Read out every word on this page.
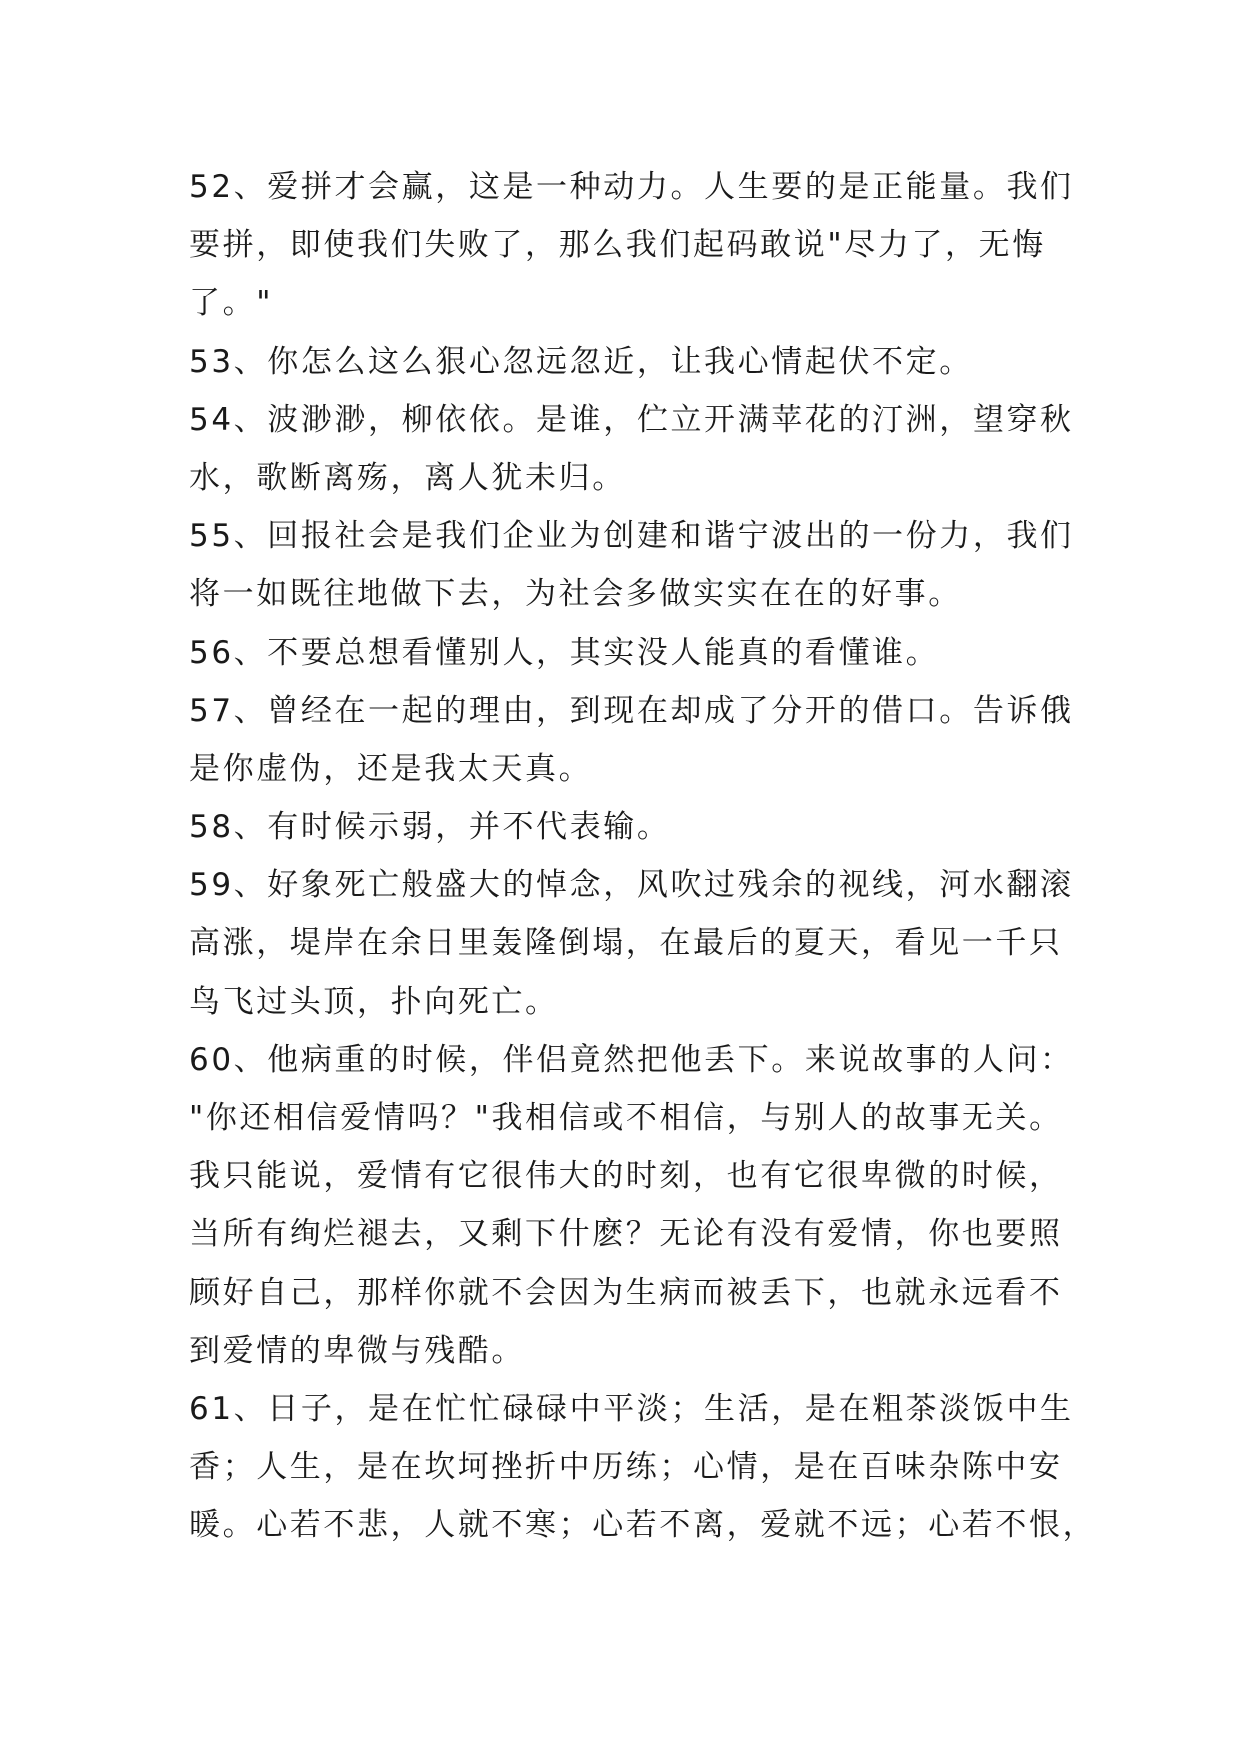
52、爱拼才会赢，这是一种动力。人生要的是正能量。我们
要拼，即使我们失败了，那么我们起码敢说"尽力了，无悔
了。"
53、你怎么这么狠心忽远忽近，让我心情起伏不定。
54、波渺渺，柳依依。是谁，伫立开满苹花的汀洲，望穿秋
水，歌断离殇，离人犹未归。
55、回报社会是我们企业为创建和谐宁波出的一份力，我们
将一如既往地做下去，为社会多做实实在在的好事。
56、不要总想看懂别人，其实没人能真的看懂谁。
57、曾经在一起的理由，到现在却成了分开的借口。告诉俄
是你虚伪，还是我太天真。
58、有时候示弱，并不代表输。
59、好象死亡般盛大的悼念，风吹过残余的视线，河水翻滚
高涨，堤岸在余日里轰隆倒塌，在最后的夏天，看见一千只
鸟飞过头顶，扑向死亡。
60、他病重的时候，伴侣竟然把他丢下。来说故事的人问：
"你还相信爱情吗？"我相信或不相信，与别人的故事无关。
我只能说，爱情有它很伟大的时刻，也有它很卑微的时候，
当所有绚烂褪去，又剩下什麽？无论有没有爱情，你也要照
顾好自己，那样你就不会因为生病而被丢下，也就永远看不
到爱情的卑微与残酷。
61、日子，是在忙忙碌碌中平淡；生活，是在粗茶淡饭中生
香；人生，是在坎坷挫折中历练；心情，是在百味杂陈中安
暖。心若不悲，人就不寒；心若不离，爱就不远；心若不恨，
